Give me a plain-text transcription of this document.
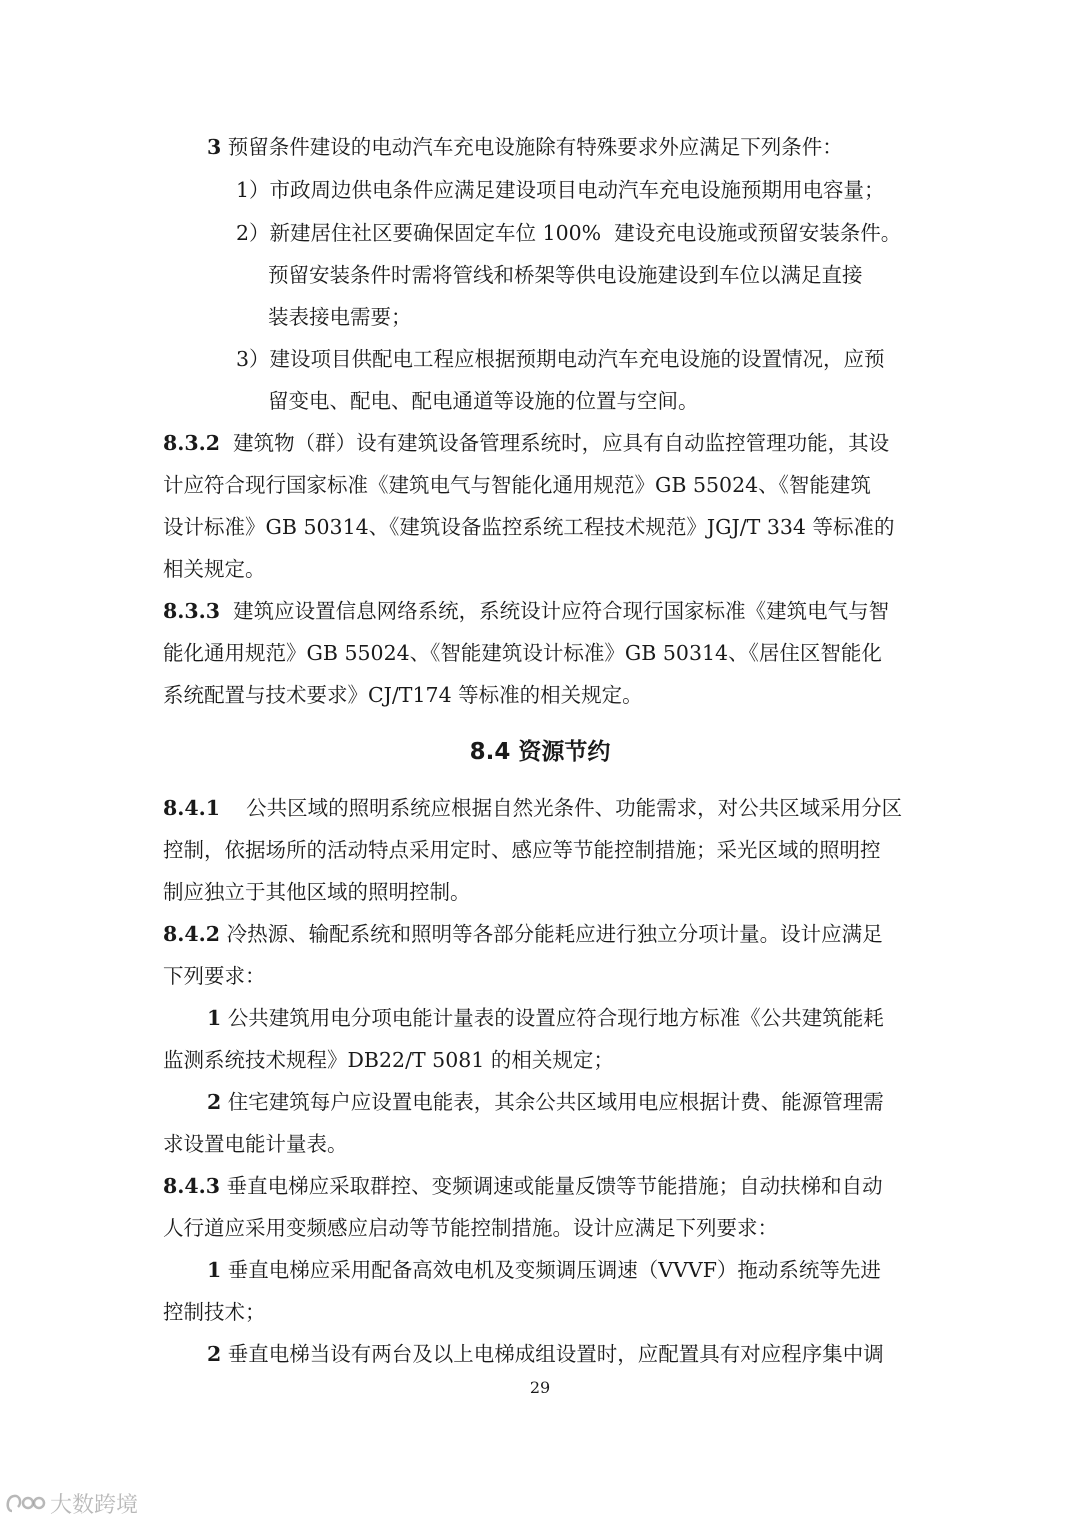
3 预留条件建设的电动汽车充电设施除有特殊要求外应满足下列条件：
1）市政周边供电条件应满足建设项目电动汽车充电设施预期用电容量；
2）新建居住社区要确保固定车位 100%  建设充电设施或预留安装条件。
预留安装条件时需将管线和桥架等供电设施建设到车位以满足直接
装表接电需要；
3）建设项目供配电工程应根据预期电动汽车充电设施的设置情况，应预
留变电、配电、配电通道等设施的位置与空间。
8.3.2  建筑物（群）设有建筑设备管理系统时，应具有自动监控管理功能，其设
计应符合现行国家标准《建筑电气与智能化通用规范》GB 55024、《智能建筑
设计标准》GB 50314、《建筑设备监控系统工程技术规范》JGJ/T 334 等标准的
相关规定。
8.3.3  建筑应设置信息网络系统，系统设计应符合现行国家标准《建筑电气与智
能化通用规范》GB 55024、《智能建筑设计标准》GB 50314、《居住区智能化
系统配置与技术要求》CJ/T174 等标准的相关规定。
8.4.1    公共区域的照明系统应根据自然光条件、功能需求，对公共区域采用分区
控制，依据场所的活动特点采用定时、感应等节能控制措施；采光区域的照明控
制应独立于其他区域的照明控制。
8.4.2 冷热源、输配系统和照明等各部分能耗应进行独立分项计量。设计应满足
下列要求：
1 公共建筑用电分项电能计量表的设置应符合现行地方标准《公共建筑能耗
监测系统技术规程》DB22/T 5081 的相关规定；
2 住宅建筑每户应设置电能表，其余公共区域用电应根据计费、能源管理需
求设置电能计量表。
8.4.3 垂直电梯应采取群控、变频调速或能量反馈等节能措施；自动扶梯和自动
人行道应采用变频感应启动等节能控制措施。设计应满足下列要求：
1 垂直电梯应采用配备高效电机及变频调压调速（VVVF）拖动系统等先进
控制技术；
2 垂直电梯当设有两台及以上电梯成组设置时，应配置具有对应程序集中调
8.4 资源节约
29
大数跨境
